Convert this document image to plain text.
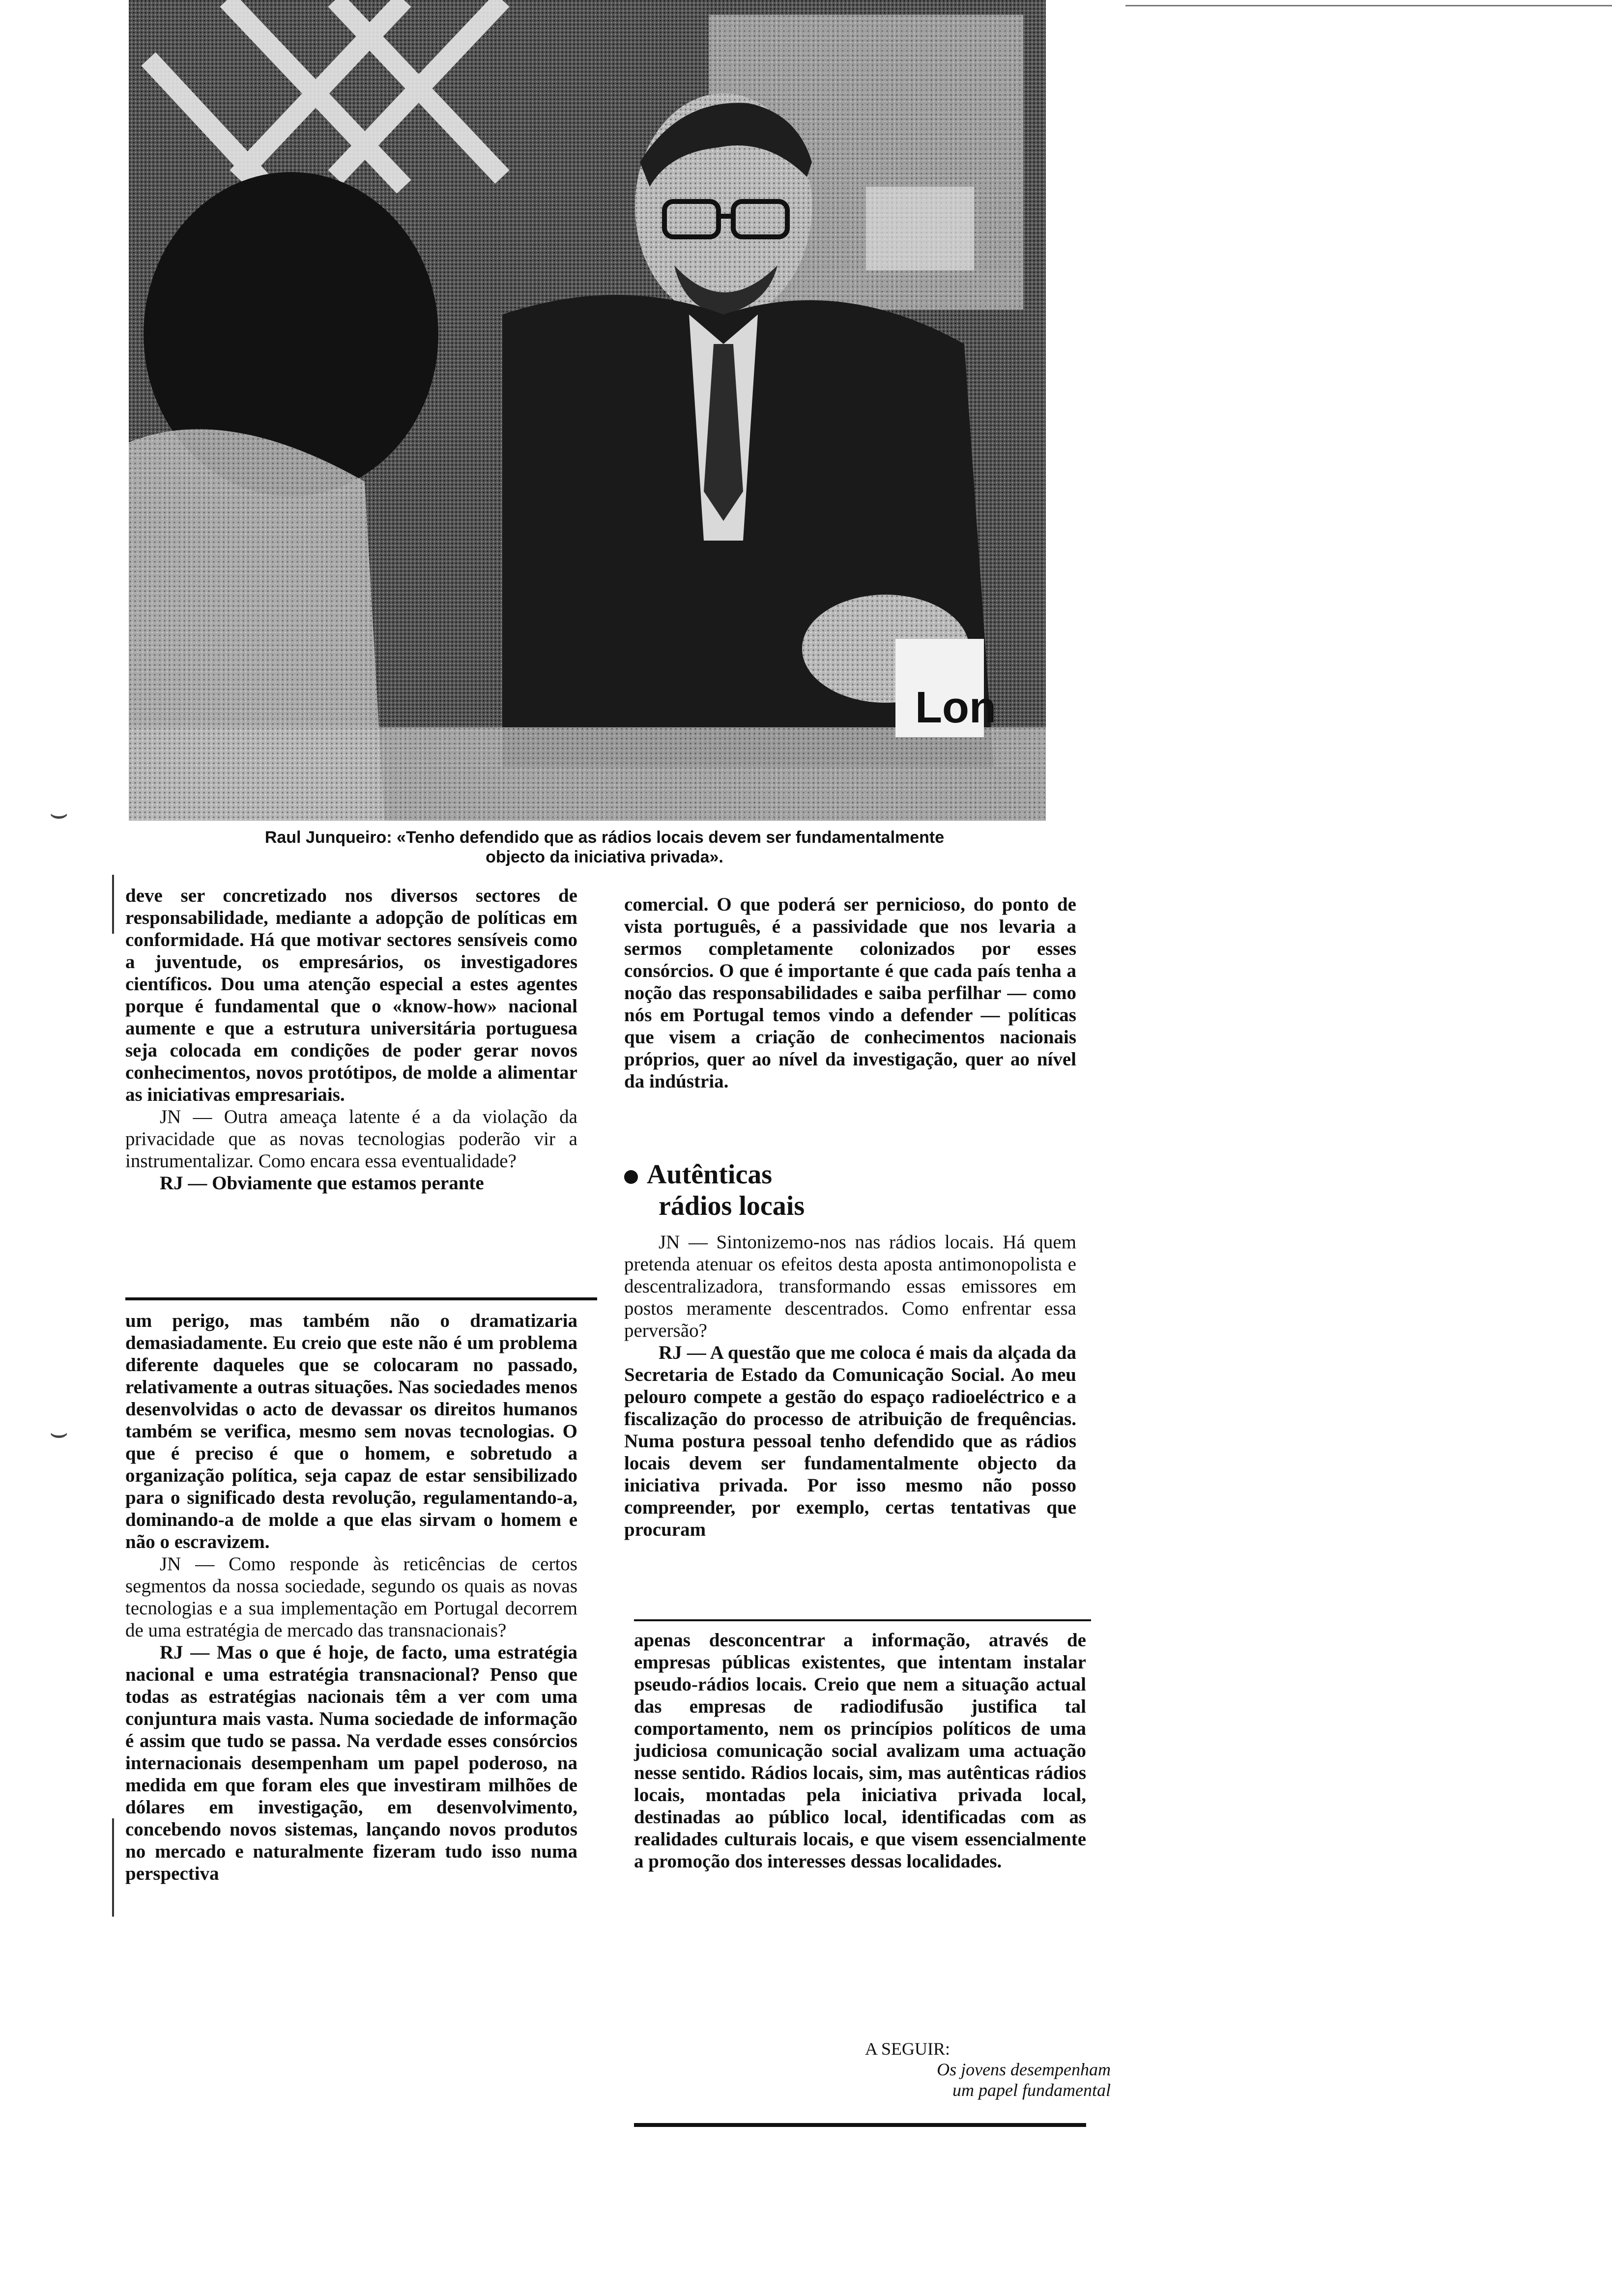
Lon
Raul Junqueiro: «Tenho defendido que as rádios locais devem ser fundamentalmente
objecto da iniciativa privada».

deve ser concretizado nos diversos sectores de responsabilidade, mediante a adopção de políticas em conformidade. Há que motivar sectores sensíveis como a juventude, os empresários, os investigadores científicos. Dou uma atenção especial a estes agentes porque é fundamental que o «know-how» nacional aumente e que a estrutura universitária portuguesa seja colocada em condições de poder gerar novos conhecimentos, novos protótipos, de molde a alimentar as iniciativas empresariais.

JN — Outra ameaça latente é a da violação da privacidade que as novas tecnologias poderão vir a instrumentalizar. Como encara essa eventualidade?

RJ — Obviamente que estamos perante

comercial. O que poderá ser pernicioso, do ponto de vista português, é a passividade que nos levaria a sermos completamente colonizados por esses consórcios. O que é importante é que cada país tenha a noção das responsabilidades e saiba perfilhar — como nós em Portugal temos vindo a defender — políticas que visem a criação de conhecimentos nacionais próprios, quer ao nível da investigação, quer ao nível da indústria.

Autênticas
rádios locais

JN — Sintonizemo-nos nas rádios locais. Há quem pretenda atenuar os efeitos desta aposta antimonopolista e descentralizadora, transformando essas emissores em postos meramente descentrados. Como enfrentar essa perversão?

RJ — A questão que me coloca é mais da alçada da Secretaria de Estado da Comunicação Social. Ao meu pelouro compete a gestão do espaço radioeléctrico e a fiscalização do processo de atribuição de frequências. Numa postura pessoal tenho defendido que as rádios locais devem ser fundamentalmente objecto da iniciativa privada. Por isso mesmo não posso compreender, por exemplo, certas tentativas que procuram

um perigo, mas também não o dramatizaria demasiadamente. Eu creio que este não é um problema diferente daqueles que se colocaram no passado, relativamente a outras situações. Nas sociedades menos desenvolvidas o acto de devassar os direitos humanos também se verifica, mesmo sem novas tecnologias. O que é preciso é que o homem, e sobretudo a organização política, seja capaz de estar sensibilizado para o significado desta revolução, regulamentando-a, dominando-a de molde a que elas sirvam o homem e não o escravizem.

JN — Como responde às reticências de certos segmentos da nossa sociedade, segundo os quais as novas tecnologias e a sua implementação em Portugal decorrem de uma estratégia de mercado das transnacionais?

RJ — Mas o que é hoje, de facto, uma estratégia nacional e uma estratégia transnacional? Penso que todas as estratégias nacionais têm a ver com uma conjuntura mais vasta. Numa sociedade de informação é assim que tudo se passa. Na verdade esses consórcios internacionais desempenham um papel poderoso, na medida em que foram eles que investiram milhões de dólares em investigação, em desenvolvimento, concebendo novos sistemas, lançando novos produtos no mercado e naturalmente fizeram tudo isso numa perspectiva

apenas desconcentrar a informação, através de empresas públicas existentes, que intentam instalar pseudo-rádios locais. Creio que nem a situação actual das empresas de radiodifusão justifica tal comportamento, nem os princípios políticos de uma judiciosa comunicação social avalizam uma actuação nesse sentido. Rádios locais, sim, mas autênticas rádios locais, montadas pela iniciativa privada local, destinadas ao público local, identificadas com as realidades culturais locais, e que visem essencialmente a promoção dos interesses dessas localidades.

A SEGUIR:
Os jovens desempenham
um papel fundamental
⌣
⌣
